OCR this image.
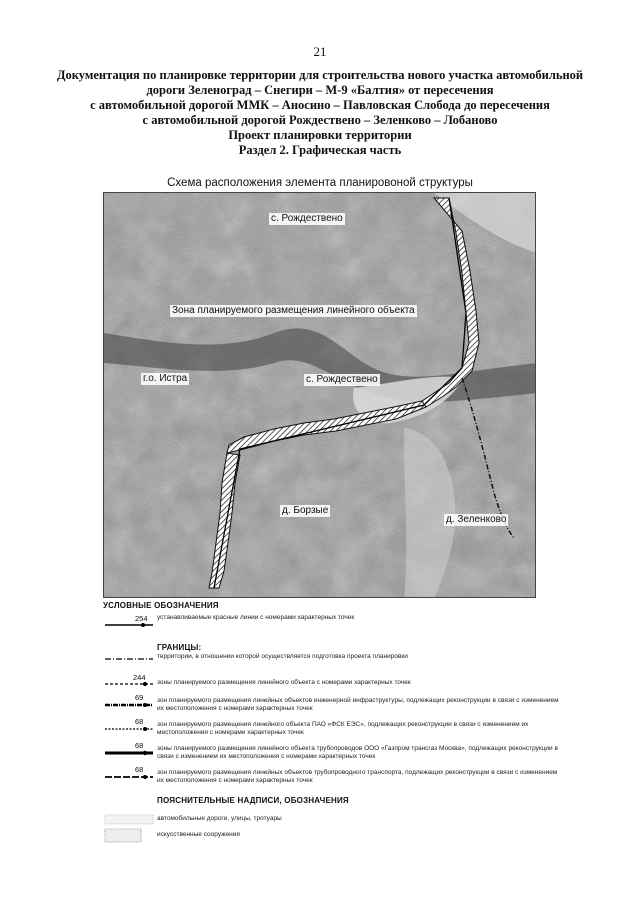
21
Документация по планировке территории для строительства нового участка автомобильной
дороги Зеленоград – Снегири – М-9 «Балтия» от пересечения
с автомобильной дорогой ММК – Аносино – Павловская Слобода до пересечения
с автомобильной дорогой Рождествено – Зеленково – Лобаново
Проект планировки территории
Раздел 2. Графическая часть
Схема расположения элемента планировоной структуры
с. Рождествено
Зона планируемого размещения линейного объекта
г.о. Истра	с. Рождествено
д. Борзые
д. Зеленково
УСЛОВНЫЕ ОБОЗНАЧЕНИЯ
254 устанавливаемые красные линии с номерами характерных точек
ГРАНИЦЫ:
территории, в отношении которой осуществляется подготовка проекта планировки
244
зоны планируемого размещения линейного объекта с номерами характерных точек
69 зон планируемого размещения линейных объектов инженерной инфраструктуры, подлежащих реконструкции в связи с изменением их местоположения с номерами характерных точек
68 зон планируемого размещения линейного объекта ПАО «ФСК ЕЭС», подлежащих реконструкции в связи с изменением их местоположения с номерами характерных точек
68 зоны планируемого размещения линейного объекта трубопроводов ООО «Газпром трансгаз Москва», подлежащих реконструкции в связи с изменением их местоположения с номерами характерных точек
68 зон планируемого размещения линейных объектов трубопроводного транспорта, подлежащих реконструкции в связи с изменением их местоположения с номерами характерных точек
ПОЯСНИТЕЛЬНЫЕ НАДПИСИ, ОБОЗНАЧЕНИЯ
автомобильные дороги, улицы, тротуары
искусственные сооружения
